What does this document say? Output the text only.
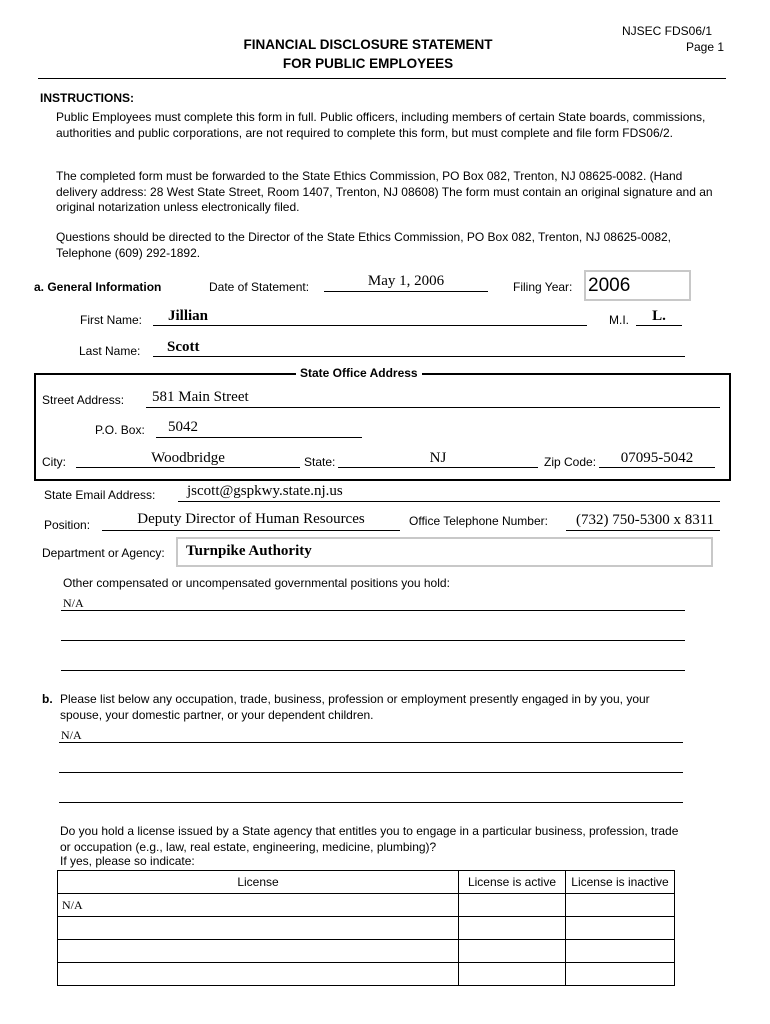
NJSEC FDS06/1
Page 1
FINANCIAL DISCLOSURE STATEMENT
FOR PUBLIC EMPLOYEES
INSTRUCTIONS:
Public Employees must complete this form in full. Public officers, including members of certain State boards, commissions, authorities and public corporations, are not required to complete this form, but must complete and file form FDS06/2.
The completed form must be forwarded to the State Ethics Commission, PO Box 082, Trenton, NJ 08625-0082. (Hand delivery address: 28 West State Street, Room 1407, Trenton, NJ 08608) The form must contain an original signature and an original notarization unless electronically filed.
Questions should be directed to the Director of the State Ethics Commission, PO Box 082, Trenton, NJ 08625-0082, Telephone (609) 292-1892.
a. General Information	Date of Statement:	May 1, 2006	Filing Year: 2006
First Name: Jillian	M.I.	L.
Last Name: Scott
State Office Address
Street Address: 581 Main Street
P.O. Box: 5042
City:	Woodbridge	State:	NJ	Zip Code:	07095-5042
State Email Address: jscott@gspkwy.state.nj.us
Position:	Deputy Director of Human Resources	Office Telephone Number: (732) 750-5300 x 8311
Department or Agency:	Turnpike Authority
Other compensated or uncompensated governmental positions you hold:
N/A
b. Please list below any occupation, trade, business, profession or employment presently engaged in by you, your spouse, your domestic partner, or your dependent children.
N/A
Do you hold a license issued by a State agency that entitles you to engage in a particular business, profession, trade or occupation (e.g., law, real estate, engineering, medicine, plumbing)?
If yes, please so indicate:
License	License is active	License is inactive
N/A		
